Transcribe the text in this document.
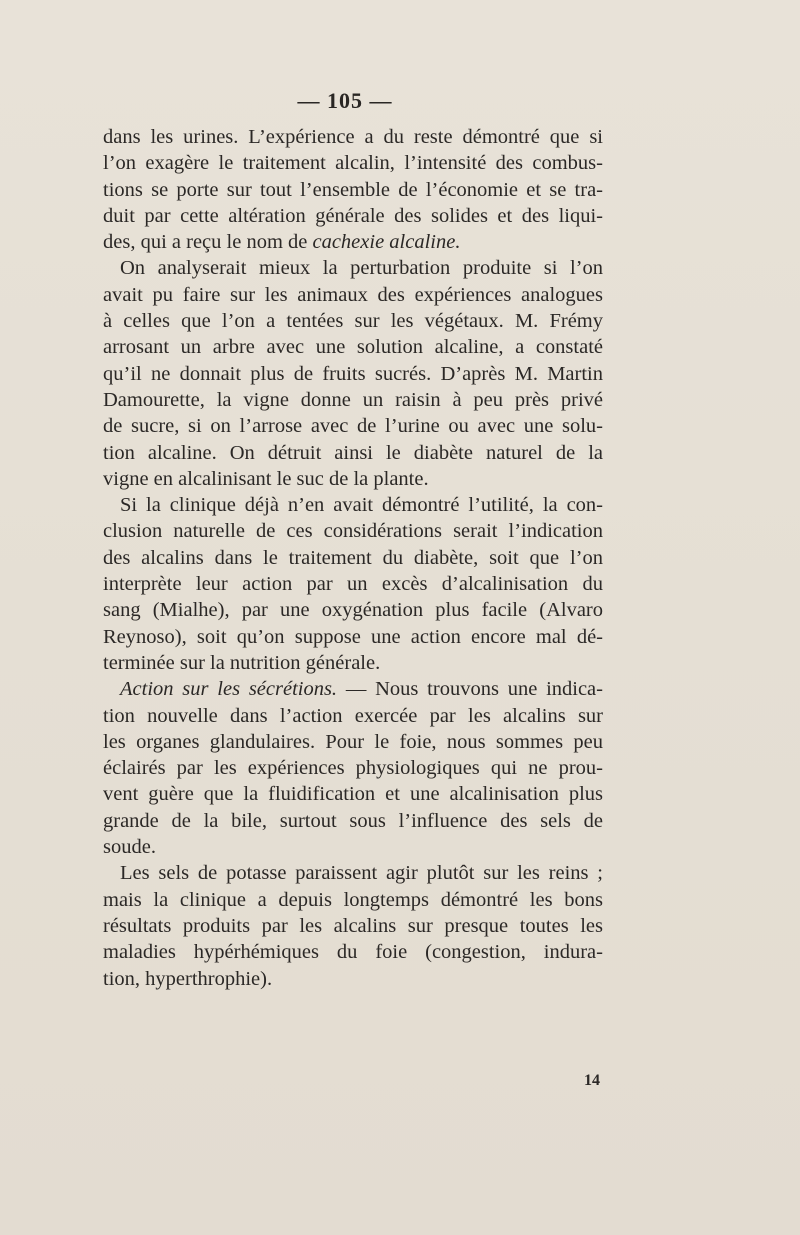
— 105 —
dans les urines. L’expérience a du reste démontré que si
l’on exagère le traitement alcalin, l’intensité des combus-
tions se porte sur tout l’ensemble de l’économie et se tra-
duit par cette altération générale des solides et des liqui-
des, qui a reçu le nom de cachexie alcaline.
On analyserait mieux la perturbation produite si l’on
avait pu faire sur les animaux des expériences analogues
à celles que l’on a tentées sur les végétaux. M. Frémy
arrosant un arbre avec une solution alcaline, a constaté
qu’il ne donnait plus de fruits sucrés. D’après M. Martin
Damourette, la vigne donne un raisin à peu près privé
de sucre, si on l’arrose avec de l’urine ou avec une solu-
tion alcaline. On détruit ainsi le diabète naturel de la
vigne en alcalinisant le suc de la plante.
Si la clinique déjà n’en avait démontré l’utilité, la con-
clusion naturelle de ces considérations serait l’indication
des alcalins dans le traitement du diabète, soit que l’on
interprète leur action par un excès d’alcalinisation du
sang (Mialhe), par une oxygénation plus facile (Alvaro
Reynoso), soit qu’on suppose une action encore mal dé-
terminée sur la nutrition générale.
Action sur les sécrétions. — Nous trouvons une indica-
tion nouvelle dans l’action exercée par les alcalins sur
les organes glandulaires. Pour le foie, nous sommes peu
éclairés par les expériences physiologiques qui ne prou-
vent guère que la fluidification et une alcalinisation plus
grande de la bile, surtout sous l’influence des sels de
soude.
Les sels de potasse paraissent agir plutôt sur les reins ;
mais la clinique a depuis longtemps démontré les bons
résultats produits par les alcalins sur presque toutes les
maladies hypérhémiques du foie (congestion, indura-
tion, hyperthrophie).
14
